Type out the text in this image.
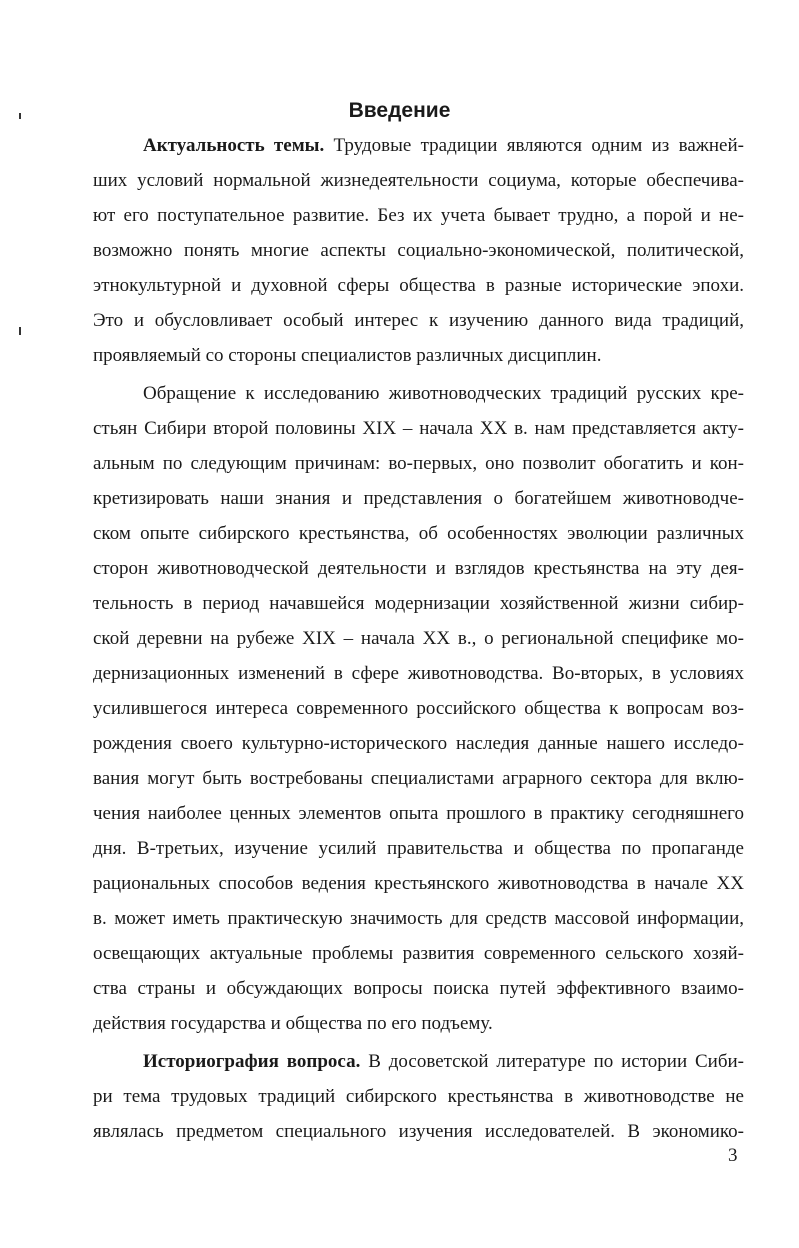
Введение
Актуальность темы. Трудовые традиции являются одним из важней-
ших условий нормальной жизнедеятельности социума, которые обеспечива-
ют его поступательное развитие. Без их учета бывает трудно, а порой и не-
возможно понять многие аспекты социально-экономической, политической,
этнокультурной и духовной сферы общества в разные исторические эпохи.
Это и обусловливает особый интерес к изучению данного вида традиций,
проявляемый со стороны специалистов различных дисциплин.
Обращение к исследованию животноводческих традиций русских кре-
стьян Сибири второй половины XIX – начала XX в. нам представляется акту-
альным по следующим причинам: во-первых, оно позволит обогатить и кон-
кретизировать наши знания и представления о богатейшем животноводче-
ском опыте сибирского крестьянства, об особенностях эволюции различных
сторон животноводческой деятельности и взглядов крестьянства на эту дея-
тельность в период начавшейся модернизации хозяйственной жизни сибир-
ской деревни на рубеже XIX – начала XX в., о региональной специфике мо-
дернизационных изменений в сфере животноводства. Во-вторых, в условиях
усилившегося интереса современного российского общества к вопросам воз-
рождения своего культурно-исторического наследия данные нашего исследо-
вания могут быть востребованы специалистами аграрного сектора для вклю-
чения наиболее ценных элементов опыта прошлого в практику сегодняшнего
дня. В-третьих, изучение усилий правительства и общества по пропаганде
рациональных способов ведения крестьянского животноводства в начале XX
в. может иметь практическую значимость для средств массовой информации,
освещающих актуальные проблемы развития современного сельского хозяй-
ства страны и обсуждающих вопросы поиска путей эффективного взаимо-
действия государства и общества по его подъему.
Историография вопроса. В досоветской литературе по истории Сиби-
ри тема трудовых традиций сибирского крестьянства в животноводстве не
являлась предметом специального изучения исследователей. В экономико-
3
